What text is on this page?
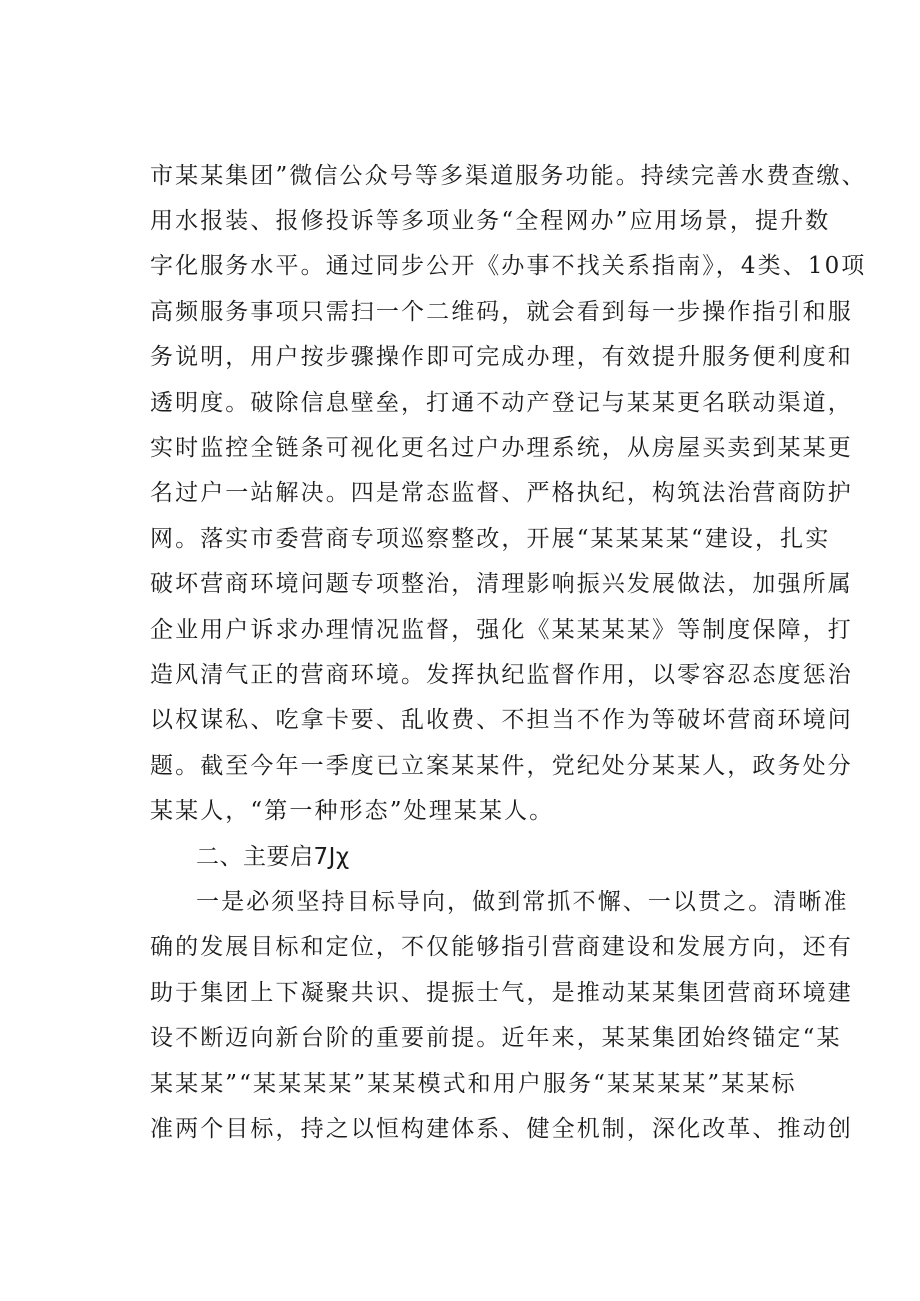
市某某集团”微信公众号等多渠道服务功能。持续完善水费查缴、
用水报装、报修投诉等多项业务“全程网办”应用场景，提升数
字化服务水平。通过同步公开《办事不找关系指南》，4类、10项
高频服务事项只需扫一个二维码，就会看到每一步操作指引和服
务说明，用户按步骤操作即可完成办理，有效提升服务便利度和
透明度。破除信息壁垒，打通不动产登记与某某更名联动渠道，
实时监控全链条可视化更名过户办理系统，从房屋买卖到某某更
名过户一站解决。四是常态监督、严格执纪，构筑法治营商防护
网。落实市委营商专项巡察整改，开展“某某某某“建设，扎实
破坏营商环境问题专项整治，清理影响振兴发展做法，加强所属
企业用户诉求办理情况监督，强化《某某某某》等制度保障，打
造风清气正的营商环境。发挥执纪监督作用，以零容忍态度惩治
以权谋私、吃拿卡要、乱收费、不担当不作为等破坏营商环境问
题。截至今年一季度已立案某某件，党纪处分某某人，政务处分
某某人，“第一种形态”处理某某人。
二、主要启7Jχ
一是必须坚持目标导向，做到常抓不懈、一以贯之。清晰准
确的发展目标和定位，不仅能够指引营商建设和发展方向，还有
助于集团上下凝聚共识、提振士气，是推动某某集团营商环境建
设不断迈向新台阶的重要前提。近年来，某某集团始终锚定“某
某某某”“某某某某”某某模式和用户服务“某某某某”某某标
准两个目标，持之以恒构建体系、健全机制，深化改革、推动创
